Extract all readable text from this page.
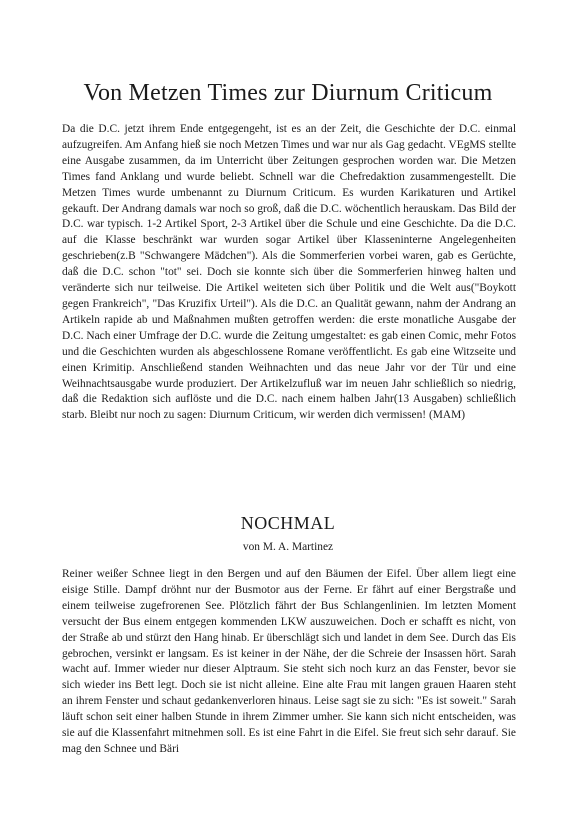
Von Metzen Times zur Diurnum Criticum

Da die D.C. jetzt ihrem Ende entgegengeht, ist es an der Zeit, die Geschichte der D.C. einmal aufzugreifen. Am Anfang hieß sie noch Metzen Times und war nur als Gag gedacht. VEgMS stellte eine Ausgabe zusammen, da im Unterricht über Zeitungen gesprochen worden war. Die Metzen Times fand Anklang und wurde beliebt. Schnell war die Chefredaktion zusammengestellt. Die Metzen Times wurde umbenannt zu Diurnum Criticum. Es wurden Karikaturen und Artikel gekauft. Der Andrang damals war noch so groß, daß die D.C. wöchentlich herauskam. Das Bild der D.C. war typisch. 1-2 Artikel Sport, 2-3 Artikel über die Schule und eine Geschichte. Da die D.C. auf die Klasse beschränkt war wurden sogar Artikel über Klasseninterne Angelegenheiten geschrieben(z.B "Schwangere Mädchen"). Als die Sommerferien vorbei waren, gab es Gerüchte, daß die D.C. schon "tot" sei. Doch sie konnte sich über die Sommerferien hinweg halten und veränderte sich nur teilweise. Die Artikel weiteten sich über Politik und die Welt aus("Boykott gegen Frankreich", "Das Kruzifix Urteil"). Als die D.C. an Qualität gewann, nahm der Andrang an Artikeln rapide ab und Maßnahmen mußten getroffen werden: die erste monatliche Ausgabe der D.C. Nach einer Umfrage der D.C. wurde die Zeitung umgestaltet: es gab einen Comic, mehr Fotos und die Geschichten wurden als abgeschlossene Romane veröffentlicht. Es gab eine Witzseite und einen Krimitip. Anschließend standen Weihnachten und das neue Jahr vor der Tür und eine Weihnachtsausgabe wurde produziert. Der Artikelzufluß war im neuen Jahr schließlich so niedrig, daß die Redaktion sich auflöste und die D.C. nach einem halben Jahr(13 Ausgaben) schließlich starb. Bleibt nur noch zu sagen: Diurnum Criticum, wir werden dich vermissen! (MAM)

NOCHMAL

von M. A. Martinez

Reiner weißer Schnee liegt in den Bergen und auf den Bäumen der Eifel. Über allem liegt eine eisige Stille. Dampf dröhnt nur der Busmotor aus der Ferne. Er fährt auf einer Bergstraße und einem teilweise zugefrorenen See. Plötzlich fährt der Bus Schlangenlinien. Im letzten Moment versucht der Bus einem entgegen kommenden LKW auszuweichen. Doch er schafft es nicht, von der Straße ab und stürzt den Hang hinab. Er überschlägt sich und landet in dem See. Durch das Eis gebrochen, versinkt er langsam. Es ist keiner in der Nähe, der die Schreie der Insassen hört. Sarah wacht auf. Immer wieder nur dieser Alptraum. Sie steht sich noch kurz an das Fenster, bevor sie sich wieder ins Bett legt. Doch sie ist nicht alleine. Eine alte Frau mit langen grauen Haaren steht an ihrem Fenster und schaut gedankenverloren hinaus. Leise sagt sie zu sich: "Es ist soweit." Sarah läuft schon seit einer halben Stunde in ihrem Zimmer umher. Sie kann sich nicht entscheiden, was sie auf die Klassenfahrt mitnehmen soll. Es ist eine Fahrt in die Eifel. Sie freut sich sehr darauf. Sie mag den Schnee und Bäri
